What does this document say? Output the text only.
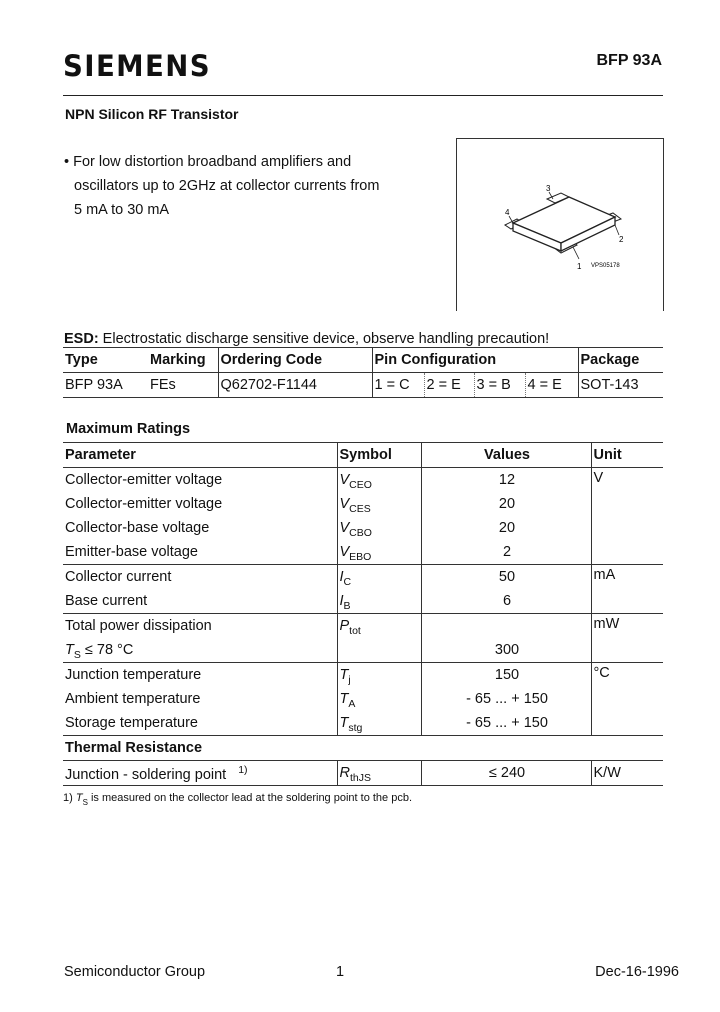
SIEMENS	BFP 93A
NPN Silicon RF Transistor
• For low distortion broadband amplifiers and
oscillators up to 2GHz at collector currents from
5 mA to 30 mA
3
4
2
1 VPS05178
ESD: Electrostatic discharge sensitive device, observe handling precaution!
Type	Marking	Ordering Code	Pin Configuration				Package
BFP 93A	FEs	Q62702-F1144	1 = C	2 = E	3 = B	4 = E	SOT-143
Maximum Ratings
Parameter	Symbol	Values	Unit
Collector-emitter voltage	$V_{CEO}$	12	V
Collector-emitter voltage	$V_{CES}$	20	
Collector-base voltage	$V_{CBO}$	20	
Emitter-base voltage	$V_{EBO}$	2	
Collector current	$I_C$	50	mA
Base current	$I_B$	6	
Total power dissipation	$P_{tot}$		mW
$T_S \le 78$ °C		300	
Junction temperature	$T_j$	150	°C
Ambient temperature	$T_A$	- 65 ... + 150	
Storage temperature	$T_{stg}$	- 65 ... + 150	
Thermal Resistance			
Junction - soldering point $^{1)}$	$R_{thJS}$	≤ 240	K/W
1) $T_S$ is measured on the collector lead at the soldering point to the pcb.
Semiconductor Group	1	Dec-16-1996
